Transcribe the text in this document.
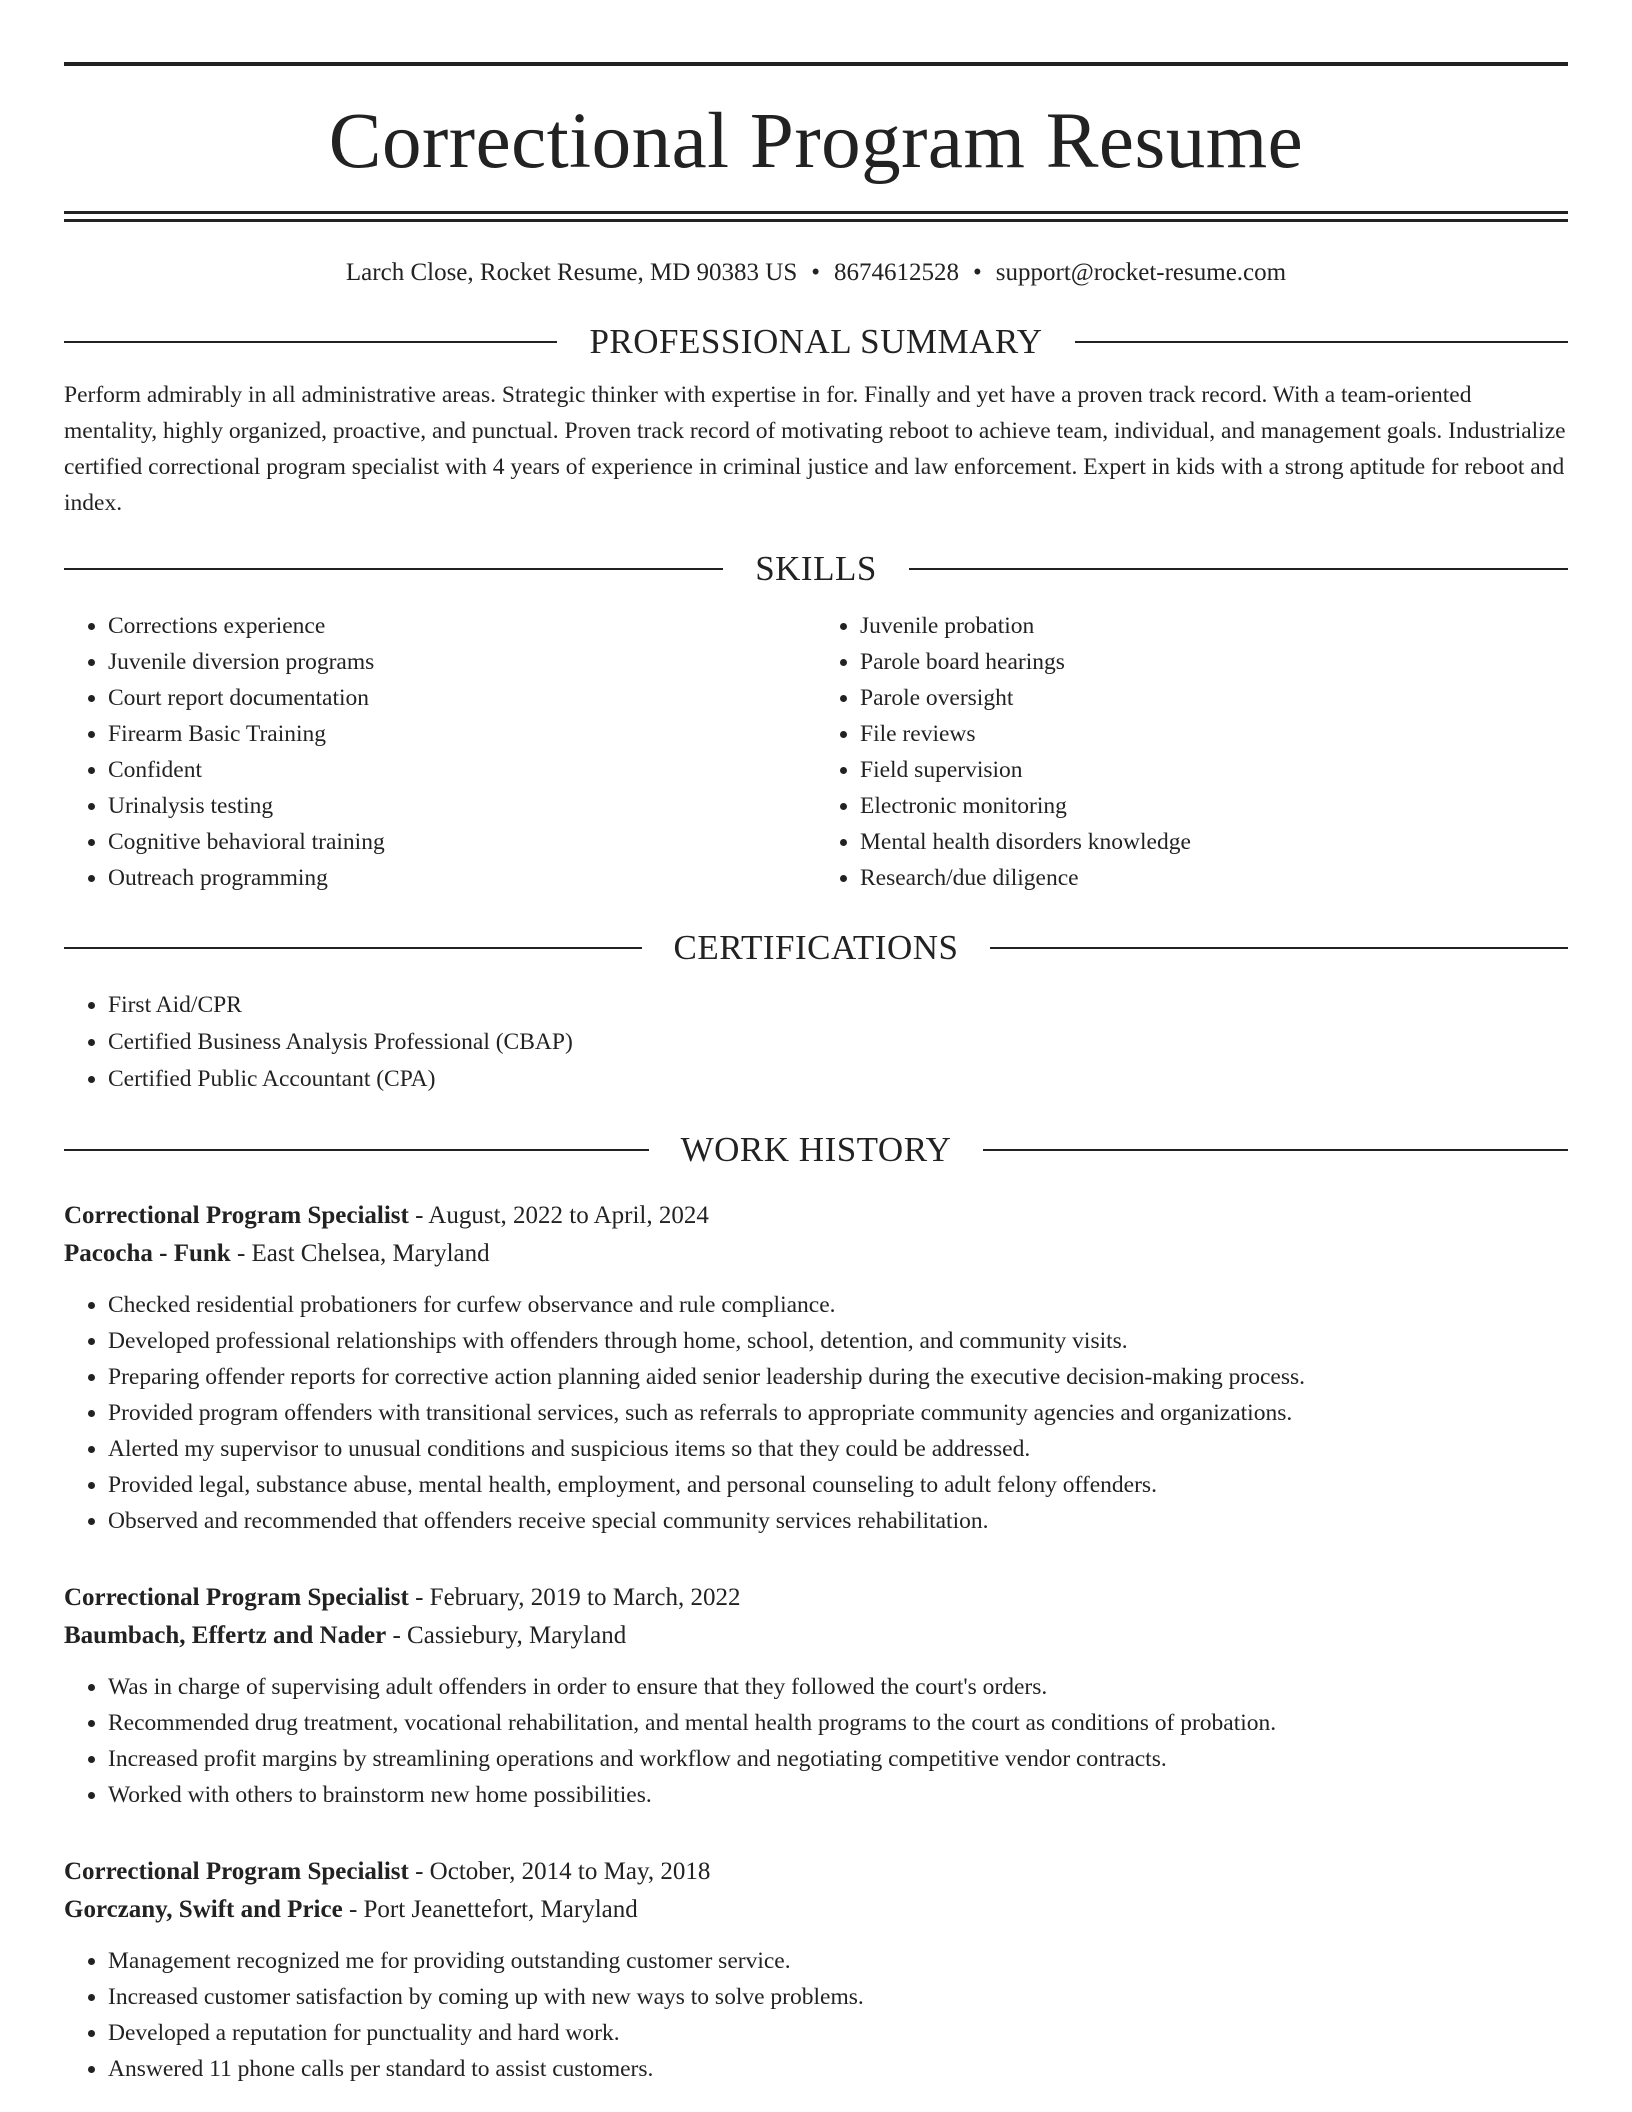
Correctional Program Resume
Larch Close, Rocket Resume, MD 90383 US • 8674612528 • support@rocket-resume.com
PROFESSIONAL SUMMARY
Perform admirably in all administrative areas. Strategic thinker with expertise in for. Finally and yet have a proven track record. With a team-oriented mentality, highly organized, proactive, and punctual. Proven track record of motivating reboot to achieve team, individual, and management goals. Industrialize certified correctional program specialist with 4 years of experience in criminal justice and law enforcement. Expert in kids with a strong aptitude for reboot and index.
SKILLS
• Corrections experience
• Juvenile diversion programs
• Court report documentation
• Firearm Basic Training
• Confident
• Urinalysis testing
• Cognitive behavioral training
• Outreach programming
• Juvenile probation
• Parole board hearings
• Parole oversight
• File reviews
• Field supervision
• Electronic monitoring
• Mental health disorders knowledge
• Research/due diligence
CERTIFICATIONS
• First Aid/CPR
• Certified Business Analysis Professional (CBAP)
• Certified Public Accountant (CPA)
WORK HISTORY
Correctional Program Specialist - August, 2022 to April, 2024
Pacocha - Funk - East Chelsea, Maryland
• Checked residential probationers for curfew observance and rule compliance.
• Developed professional relationships with offenders through home, school, detention, and community visits.
• Preparing offender reports for corrective action planning aided senior leadership during the executive decision-making process.
• Provided program offenders with transitional services, such as referrals to appropriate community agencies and organizations.
• Alerted my supervisor to unusual conditions and suspicious items so that they could be addressed.
• Provided legal, substance abuse, mental health, employment, and personal counseling to adult felony offenders.
• Observed and recommended that offenders receive special community services rehabilitation.
Correctional Program Specialist - February, 2019 to March, 2022
Baumbach, Effertz and Nader - Cassiebury, Maryland
• Was in charge of supervising adult offenders in order to ensure that they followed the court's orders.
• Recommended drug treatment, vocational rehabilitation, and mental health programs to the court as conditions of probation.
• Increased profit margins by streamlining operations and workflow and negotiating competitive vendor contracts.
• Worked with others to brainstorm new home possibilities.
Correctional Program Specialist - October, 2014 to May, 2018
Gorczany, Swift and Price - Port Jeanettefort, Maryland
• Management recognized me for providing outstanding customer service.
• Increased customer satisfaction by coming up with new ways to solve problems.
• Developed a reputation for punctuality and hard work.
• Answered 11 phone calls per standard to assist customers.
